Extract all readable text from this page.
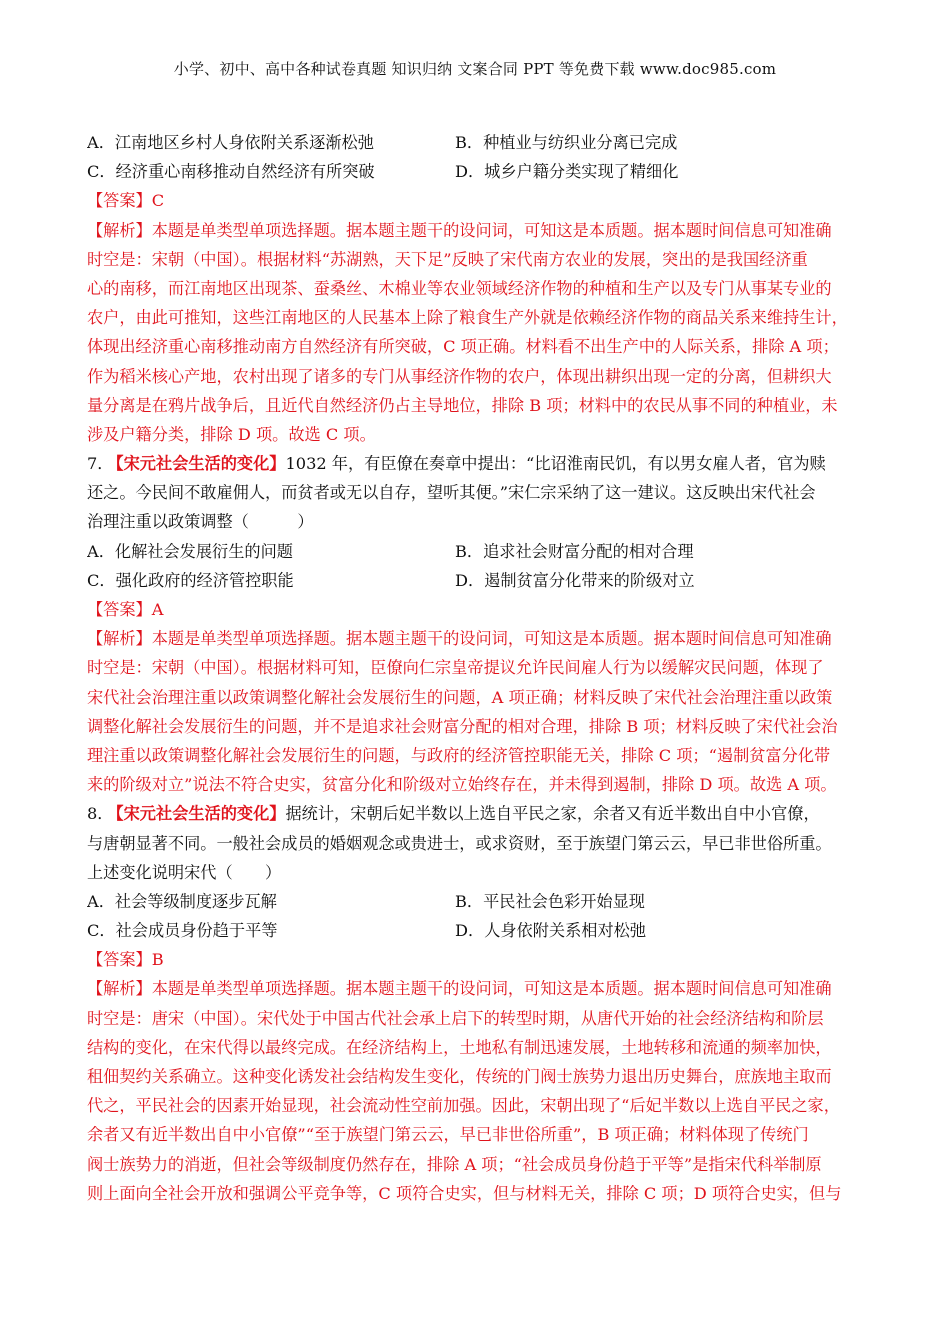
小学、初中、高中各种试卷真题 知识归纳 文案合同 PPT 等免费下载 www.doc985.com
A．江南地区乡村人身依附关系逐渐松弛	B．种植业与纺织业分离已完成
C．经济重心南移推动自然经济有所突破	D．城乡户籍分类实现了精细化
【答案】C
【解析】本题是单类型单项选择题。据本题主题干的设问词，可知这是本质题。据本题时间信息可知准确
时空是：宋朝（中国）。根据材料“苏湖熟，天下足”反映了宋代南方农业的发展，突出的是我国经济重
心的南移，而江南地区出现茶、蚕桑丝、木棉业等农业领域经济作物的种植和生产以及专门从事某专业的
农户，由此可推知，这些江南地区的人民基本上除了粮食生产外就是依赖经济作物的商品关系来维持生计，
体现出经济重心南移推动南方自然经济有所突破，C 项正确。材料看不出生产中的人际关系，排除 A 项；
作为稻米核心产地，农村出现了诸多的专门从事经济作物的农户，体现出耕织出现一定的分离，但耕织大
量分离是在鸦片战争后，且近代自然经济仍占主导地位，排除 B 项；材料中的农民从事不同的种植业，未
涉及户籍分类，排除 D 项。故选 C 项。
7． 【宋元社会生活的变化】1032 年，有臣僚在奏章中提出：“比诏淮南民饥，有以男女雇人者，官为赎
还之。今民间不敢雇佣人，而贫者或无以自存，望听其便。”宋仁宗采纳了这一建议。这反映出宋代社会
治理注重以政策调整（　　　）
A．化解社会发展衍生的问题	B．追求社会财富分配的相对合理
C．强化政府的经济管控职能	D．遏制贫富分化带来的阶级对立
【答案】A
【解析】本题是单类型单项选择题。据本题主题干的设问词，可知这是本质题。据本题时间信息可知准确
时空是：宋朝（中国）。根据材料可知，臣僚向仁宗皇帝提议允许民间雇人行为以缓解灾民问题，体现了
宋代社会治理注重以政策调整化解社会发展衍生的问题，A 项正确；材料反映了宋代社会治理注重以政策
调整化解社会发展衍生的问题，并不是追求社会财富分配的相对合理，排除 B 项；材料反映了宋代社会治
理注重以政策调整化解社会发展衍生的问题，与政府的经济管控职能无关，排除 C 项；“遏制贫富分化带
来的阶级对立”说法不符合史实，贫富分化和阶级对立始终存在，并未得到遏制，排除 D 项。故选 A 项。
8． 【宋元社会生活的变化】据统计，宋朝后妃半数以上选自平民之家，余者又有近半数出自中小官僚，
与唐朝显著不同。一般社会成员的婚姻观念或贵进士，或求资财，至于族望门第云云，早已非世俗所重。
上述变化说明宋代（　　）
A．社会等级制度逐步瓦解	B．平民社会色彩开始显现
C．社会成员身份趋于平等	D．人身依附关系相对松弛
【答案】B
【解析】本题是单类型单项选择题。据本题主题干的设问词，可知这是本质题。据本题时间信息可知准确
时空是：唐宋（中国）。宋代处于中国古代社会承上启下的转型时期，从唐代开始的社会经济结构和阶层
结构的变化，在宋代得以最终完成。在经济结构上，土地私有制迅速发展，土地转移和流通的频率加快，
租佃契约关系确立。这种变化诱发社会结构发生变化，传统的门阀士族势力退出历史舞台，庶族地主取而
代之，平民社会的因素开始显现，社会流动性空前加强。因此，宋朝出现了“后妃半数以上选自平民之家，
余者又有近半数出自中小官僚”“至于族望门第云云，早已非世俗所重”，B 项正确；材料体现了传统门
阀士族势力的消逝，但社会等级制度仍然存在，排除 A 项；“社会成员身份趋于平等”是指宋代科举制原
则上面向全社会开放和强调公平竞争等，C 项符合史实，但与材料无关，排除 C 项；D 项符合史实，但与
